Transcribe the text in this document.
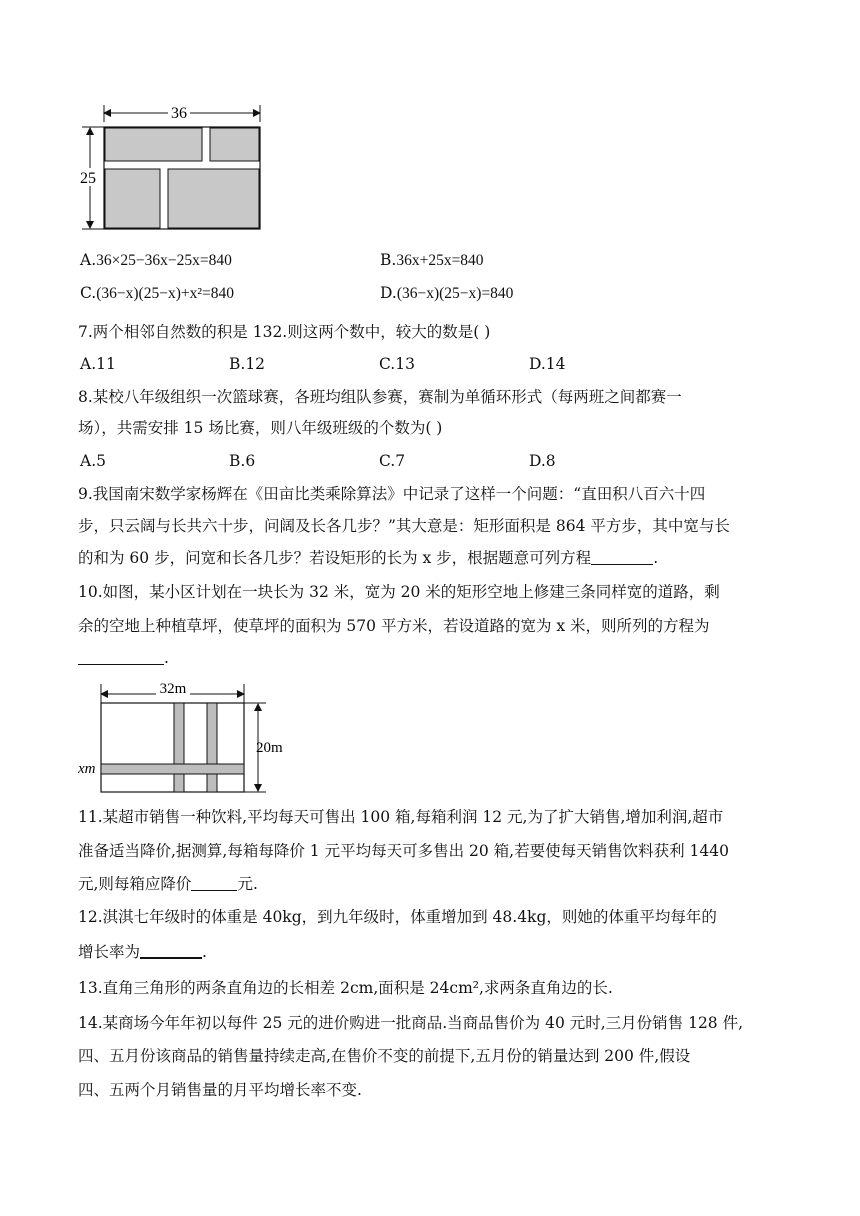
36
25
A.36×25−36x−25x=840	B.36x+25x=840
C.(36−x)(25−x)+x²=840	D.(36−x)(25−x)=840
7.两个相邻自然数的积是 132.则这两个数中，较大的数是( )
A.11	B.12	C.13	D.14
8.某校八年级组织一次篮球赛，各班均组队参赛，赛制为单循环形式（每两班之间都赛一
场），共需安排 15 场比赛，则八年级班级的个数为( )
A.5	B.6	C.7	D.8
9.我国南宋数学家杨辉在《田亩比类乘除算法》中记录了这样一个问题：“直田积八百六十四
步，只云阔与长共六十步，问阔及长各几步？”其大意是：矩形面积是 864 平方步，其中宽与长
的和为 60 步，问宽和长各几步？若设矩形的长为 x 步，根据题意可列方程	.
10.如图，某小区计划在一块长为 32 米，宽为 20 米的矩形空地上修建三条同样宽的道路，剩
余的空地上种植草坪，使草坪的面积为 570 平方米，若设道路的宽为 x 米，则所列的方程为
.
32m
20m
xm
11.某超市销售一种饮料,平均每天可售出 100 箱,每箱利润 12 元,为了扩大销售,增加利润,超市
准备适当降价,据测算,每箱每降价 1 元平均每天可多售出 20 箱,若要使每天销售饮料获利 1440
元,则每箱应降价	元.
12.淇淇七年级时的体重是 40kg，到九年级时，体重增加到 48.4kg，则她的体重平均每年的
增长率为	.
13.直角三角形的两条直角边的长相差 2cm,面积是 24cm²,求两条直角边的长.
14.某商场今年年初以每件 25 元的进价购进一批商品.当商品售价为 40 元时,三月份销售 128 件,
四、五月份该商品的销售量持续走高,在售价不变的前提下,五月份的销量达到 200 件,假设
四、五两个月销售量的月平均增长率不变.
